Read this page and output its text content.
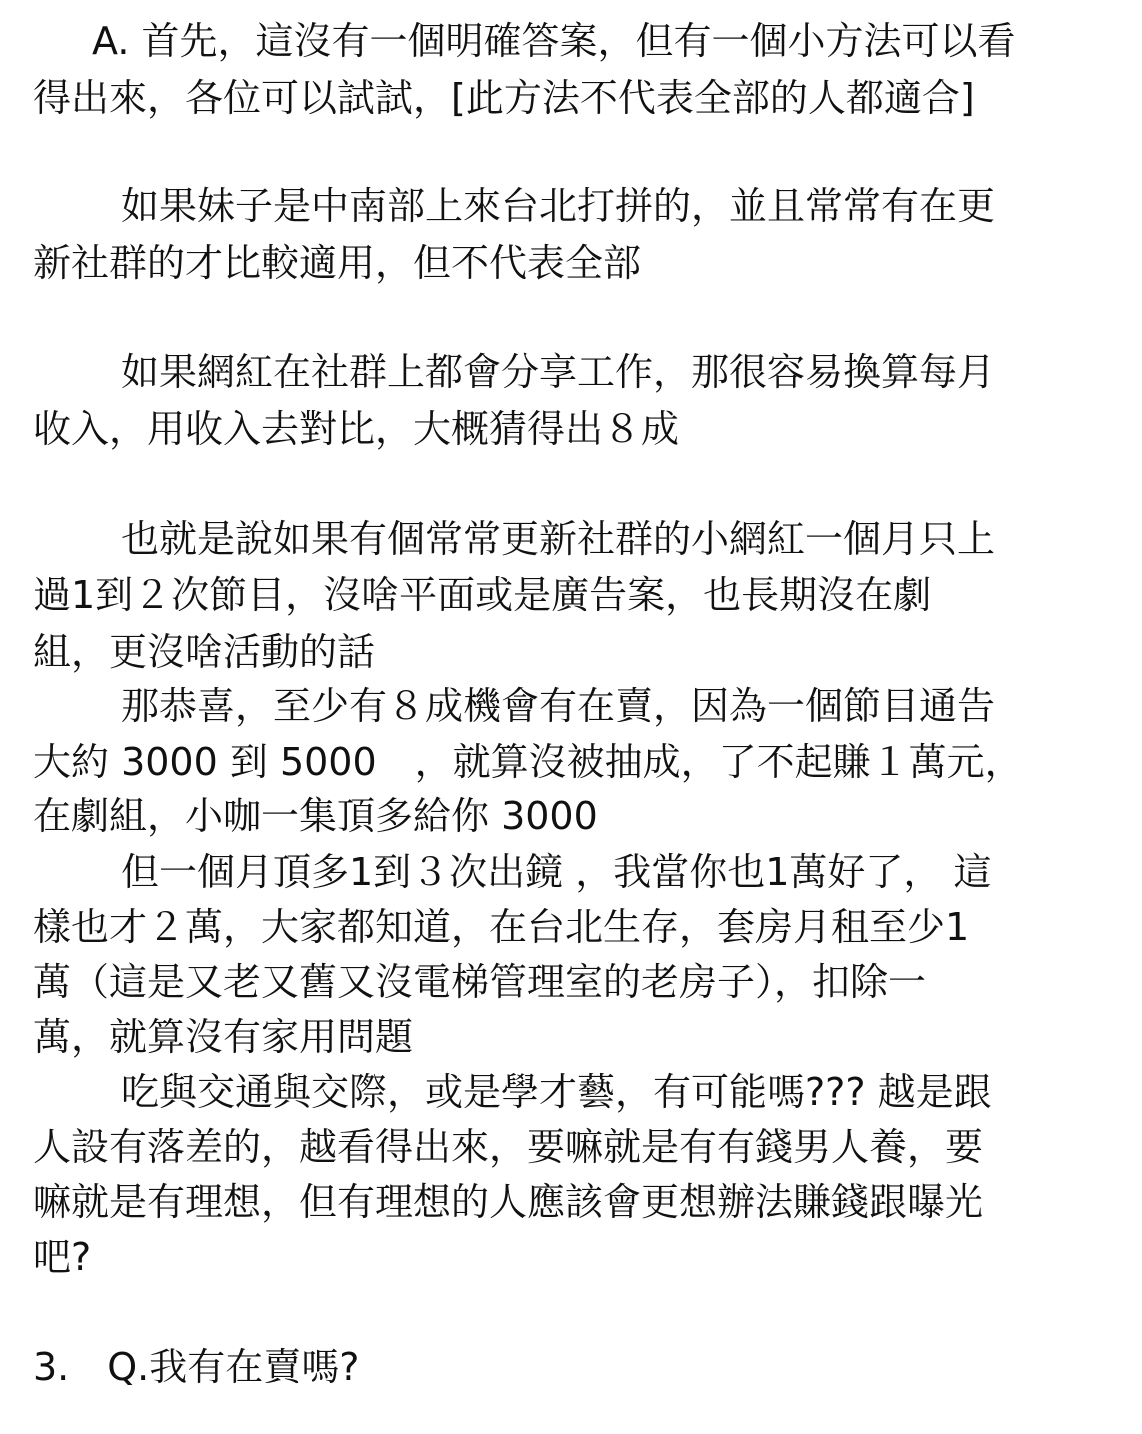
A. 首先，這沒有一個明確答案，但有一個小方法可以看
得出來，各位可以試試，[此方法不代表全部的人都適合]
如果妹子是中南部上來台北打拼的，並且常常有在更
新社群的才比較適用，但不代表全部
如果網紅在社群上都會分享工作，那很容易換算每月
收入，用收入去對比，大概猜得出８成
也就是說如果有個常常更新社群的小網紅一個月只上
過1到２次節目，沒啥平面或是廣告案，也長期沒在劇
組，更沒啥活動的話
那恭喜，至少有８成機會有在賣，因為一個節目通告
大約 3000 到 5000　，就算沒被抽成，了不起賺１萬元，
在劇組，小咖一集頂多給你 3000
但一個月頂多1到３次出鏡 ，我當你也1萬好了， 這
樣也才２萬，大家都知道，在台北生存，套房月租至少1
萬（這是又老又舊又沒電梯管理室的老房子），扣除一
萬，就算沒有家用問題
吃與交通與交際，或是學才藝，有可能嗎??? 越是跟
人設有落差的，越看得出來，要嘛就是有有錢男人養，要
嘛就是有理想，但有理想的人應該會更想辦法賺錢跟曝光
吧?
3.　Q.我有在賣嗎?
